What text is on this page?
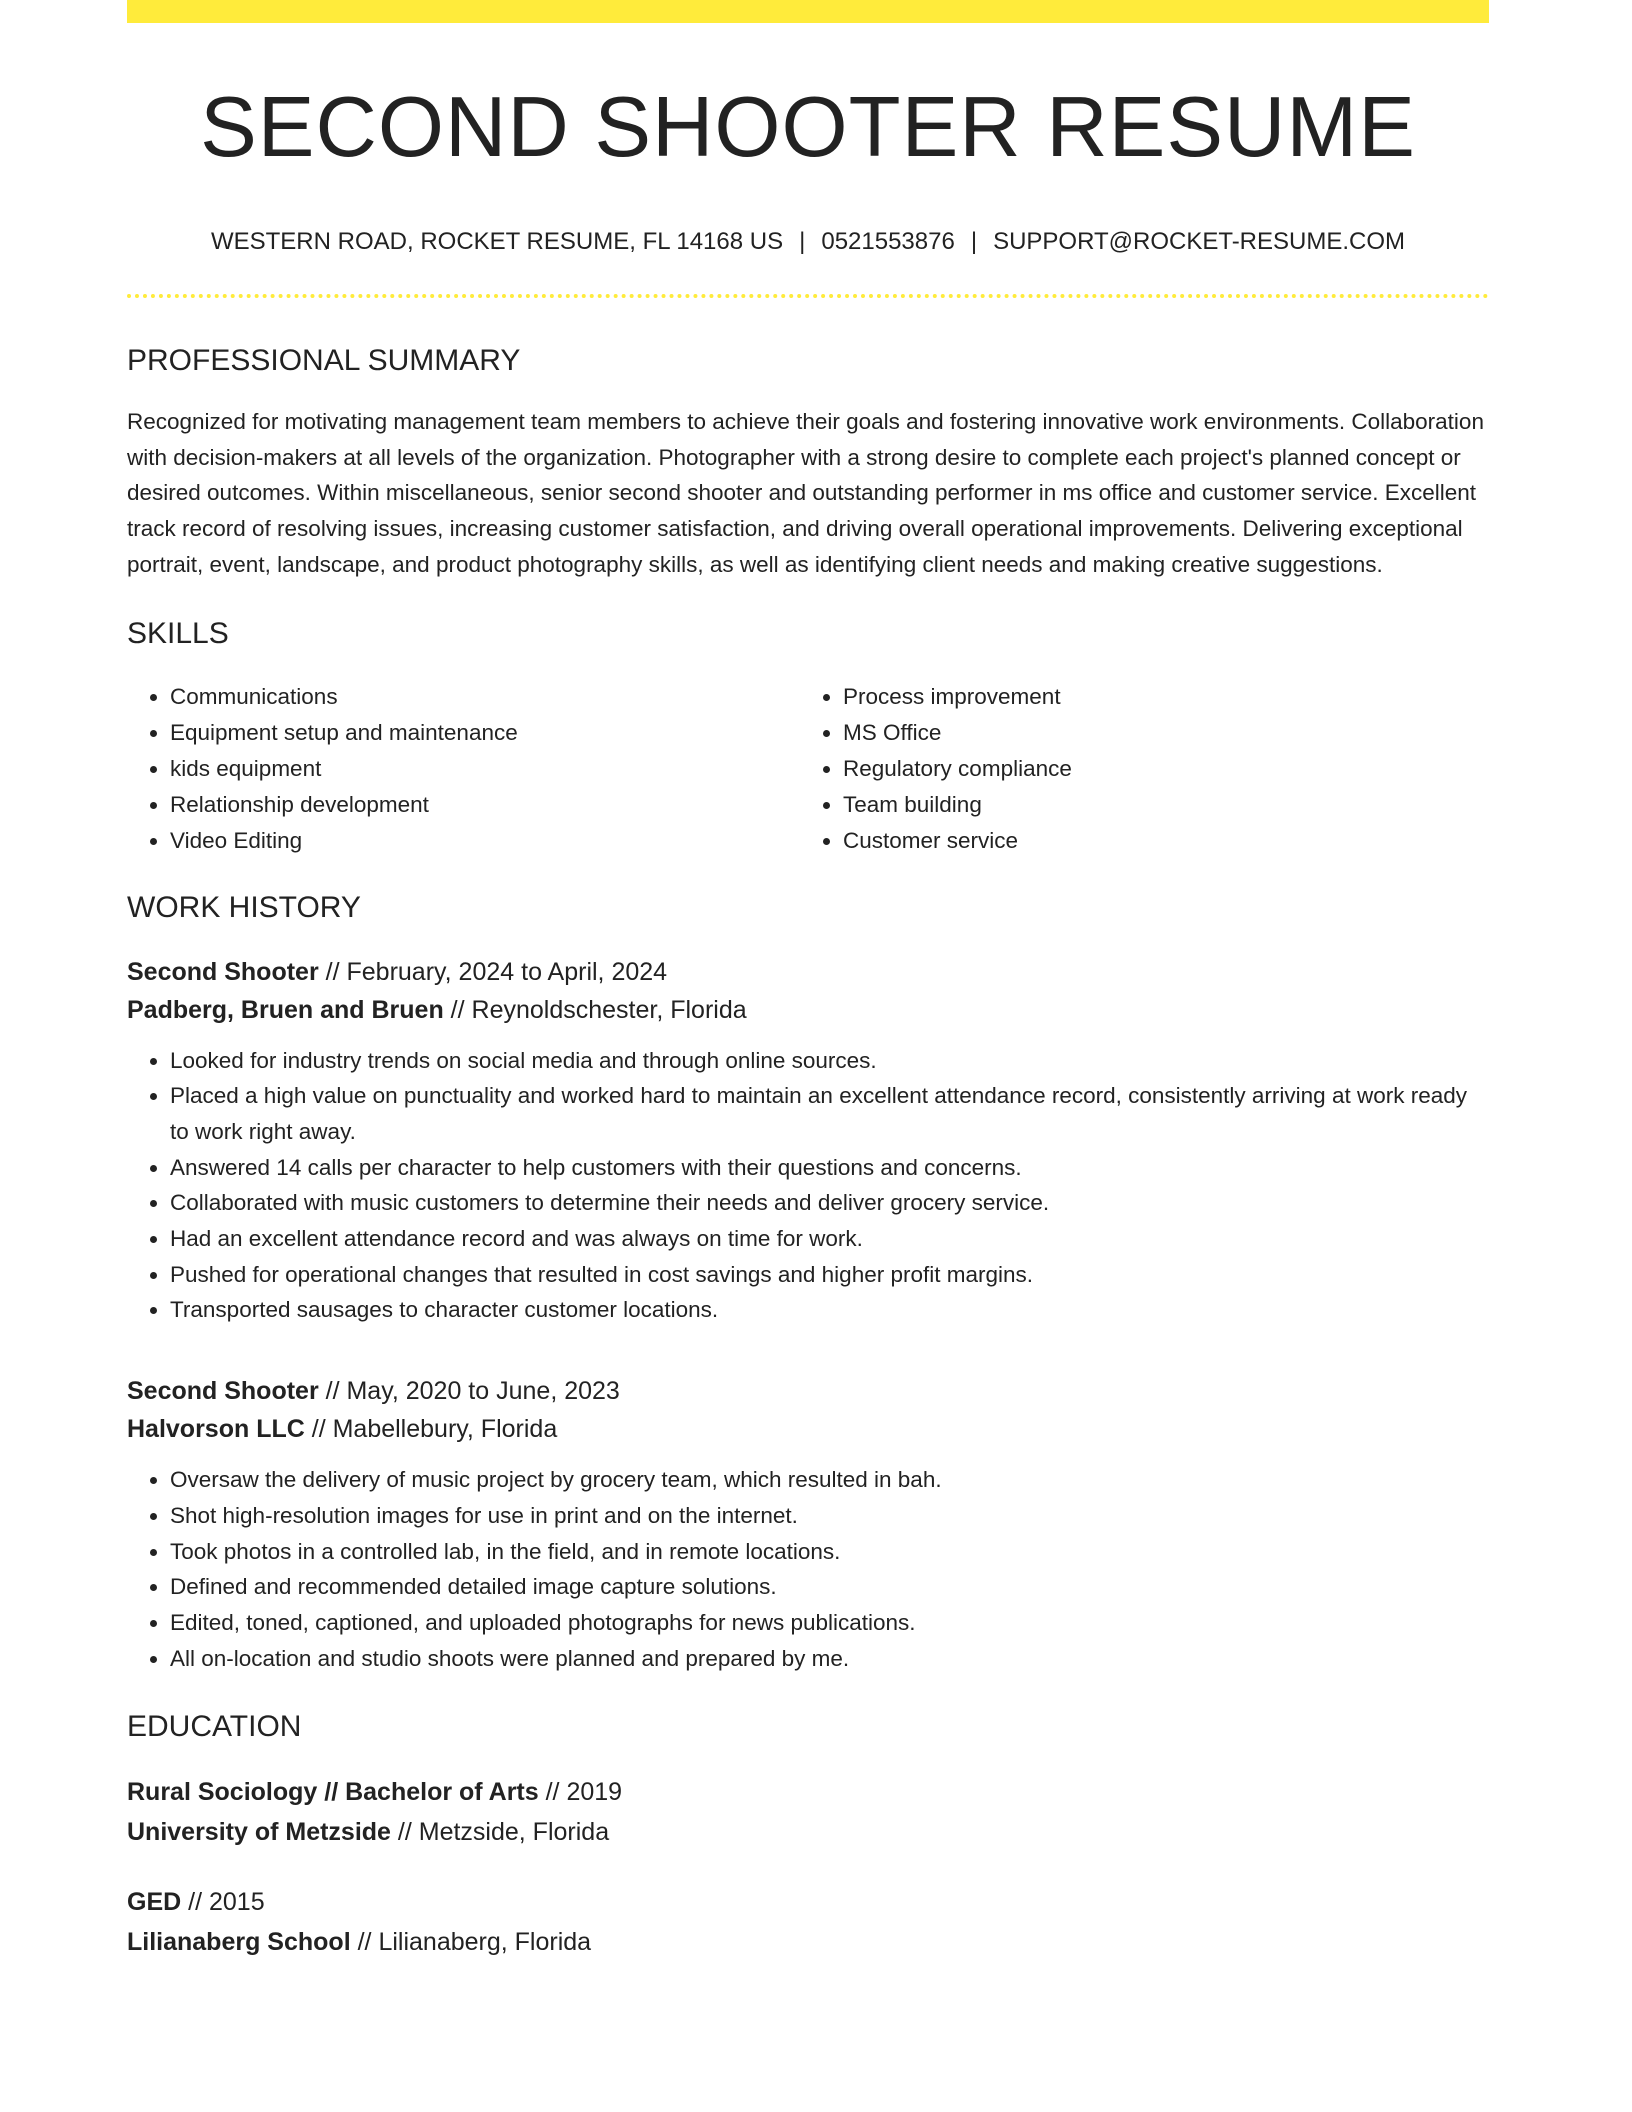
SECOND SHOOTER RESUME
WESTERN ROAD, ROCKET RESUME, FL 14168 US | 0521553876 | SUPPORT@ROCKET-RESUME.COM
PROFESSIONAL SUMMARY

Recognized for motivating management team members to achieve their goals and fostering innovative work environments. Collaboration with decision-makers at all levels of the organization. Photographer with a strong desire to complete each project's planned concept or desired outcomes. Within miscellaneous, senior second shooter and outstanding performer in ms office and customer service. Excellent track record of resolving issues, increasing customer satisfaction, and driving overall operational improvements. Delivering exceptional portrait, event, landscape, and product photography skills, as well as identifying client needs and making creative suggestions.

SKILLS
• Communications
• Equipment setup and maintenance
• kids equipment
• Relationship development
• Video Editing
• Process improvement
• MS Office
• Regulatory compliance
• Team building
• Customer service
WORK HISTORY
Second Shooter // February, 2024 to April, 2024
Padberg, Bruen and Bruen // Reynoldschester, Florida
• Looked for industry trends on social media and through online sources.
• Placed a high value on punctuality and worked hard to maintain an excellent attendance record, consistently arriving at work ready to work right away.
• Answered 14 calls per character to help customers with their questions and concerns.
• Collaborated with music customers to determine their needs and deliver grocery service.
• Had an excellent attendance record and was always on time for work.
• Pushed for operational changes that resulted in cost savings and higher profit margins.
• Transported sausages to character customer locations.
Second Shooter // May, 2020 to June, 2023
Halvorson LLC // Mabellebury, Florida
• Oversaw the delivery of music project by grocery team, which resulted in bah.
• Shot high-resolution images for use in print and on the internet.
• Took photos in a controlled lab, in the field, and in remote locations.
• Defined and recommended detailed image capture solutions.
• Edited, toned, captioned, and uploaded photographs for news publications.
• All on-location and studio shoots were planned and prepared by me.
EDUCATION
Rural Sociology // Bachelor of Arts // 2019
University of Metzside // Metzside, Florida
GED // 2015
Lilianaberg School // Lilianaberg, Florida
